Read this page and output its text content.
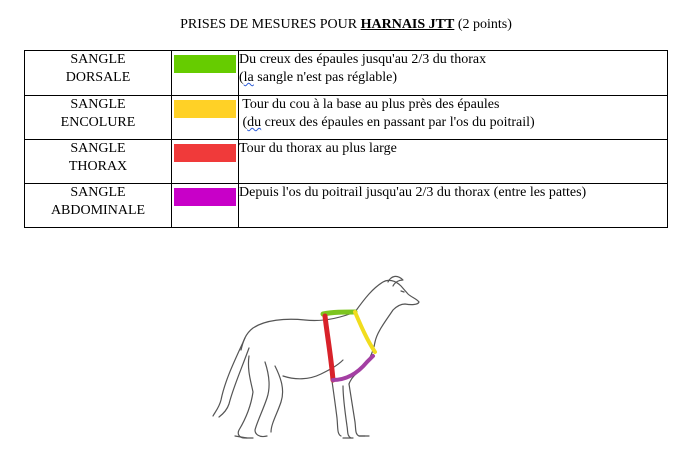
PRISES DE MESURES POUR HARNAIS JTT (2 points)
SANGLE
DORSALE		Du creux des épaules jusqu'au 2/3 du thorax
(la sangle n'est pas réglable)

SANGLE
ENCOLURE		Tour du cou à la base au plus près des épaules
(du creux des épaules en passant par l'os du poitrail)

SANGLE
THORAX		Tour du thorax au plus large

SANGLE
ABDOMINALE		Depuis l'os du poitrail jusqu'au 2/3 du thorax (entre les pattes)
